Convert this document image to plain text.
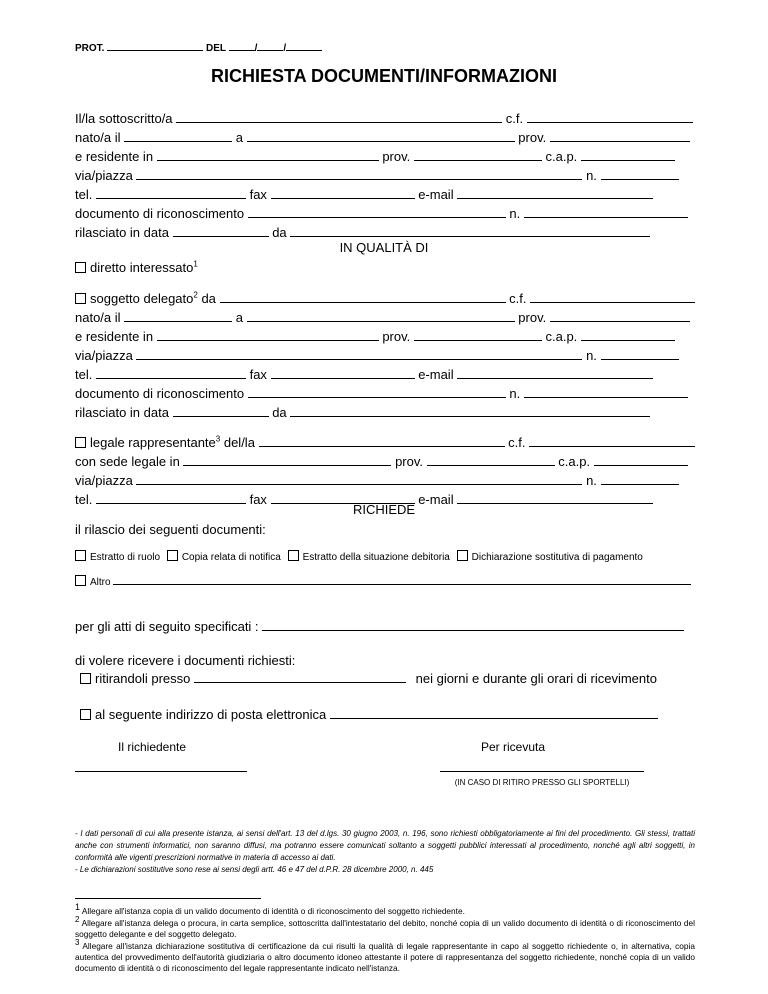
PROT.	DEL	/	/
RICHIESTA DOCUMENTI/INFORMAZIONI
Il/la sottoscritto/a	c.f.
nato/a il	a	prov.
e residente in	prov.	c.a.p.
via/piazza	n.
tel.	fax	e-mail
documento di riconoscimento	n.
rilasciato in data	da
IN QUALITÀ DI
diretto interessato$^1$
soggetto delegato$^2$ da	c.f.
nato/a il	a	prov.
e residente in	prov.	c.a.p.
via/piazza	n.
tel.	fax	e-mail
documento di riconoscimento	n.
rilasciato in data	da
legale rappresentante$^3$ del/la	c.f.
con sede legale in	prov.	c.a.p.
via/piazza	n.
tel.	fax	e-mail
RICHIEDE
il rilascio dei seguenti documenti:
Estratto di ruolo Copia relata di notifica Estratto della situazione debitoria Dichiarazione sostitutiva di pagamento
Altro
per gli atti di seguito specificati :
di volere ricevere i documenti richiesti:
ritirandoli presso	nei giorni e durante gli orari di ricevimento
al seguente indirizzo di posta elettronica
Il richiedente	Per ricevuta
(IN CASO DI RITIRO PRESSO GLI SPORTELLI)
- I dati personali di cui alla presente istanza, ai sensi dell'art. 13 del d.lgs. 30 giugno 2003, n. 196, sono richiesti obbligatoriamente ai fini del procedimento. Gli stessi, trattati anche con strumenti informatici, non saranno diffusi, ma potranno essere comunicati soltanto a soggetti pubblici interessati al procedimento, nonché agli altri soggetti, in conformità alle vigenti prescrizioni normative in materia di accesso ai dati.
- Le dichiarazioni sostitutive sono rese ai sensi degli artt. 46 e 47 del d.P.R. 28 dicembre 2000, n. 445
$^1$ Allegare all'istanza copia di un valido documento di identità o di riconoscimento del soggetto richiedente.
$^2$ Allegare all'istanza delega o procura, in carta semplice, sottoscritta dall'intestatario del debito, nonché copia di un valido documento di identità o di riconoscimento del soggetto delegante e del soggetto delegato.
$^3$ Allegare all'istanza dichiarazione sostitutiva di certificazione da cui risulti la qualità di legale rappresentante in capo al soggetto richiedente o, in alternativa, copia autentica del provvedimento dell'autorità giudiziaria o altro documento idoneo attestante il potere di rappresentanza del soggetto richiedente, nonché copia di un valido documento di identità o di riconoscimento del legale rappresentante indicato nell'istanza.
